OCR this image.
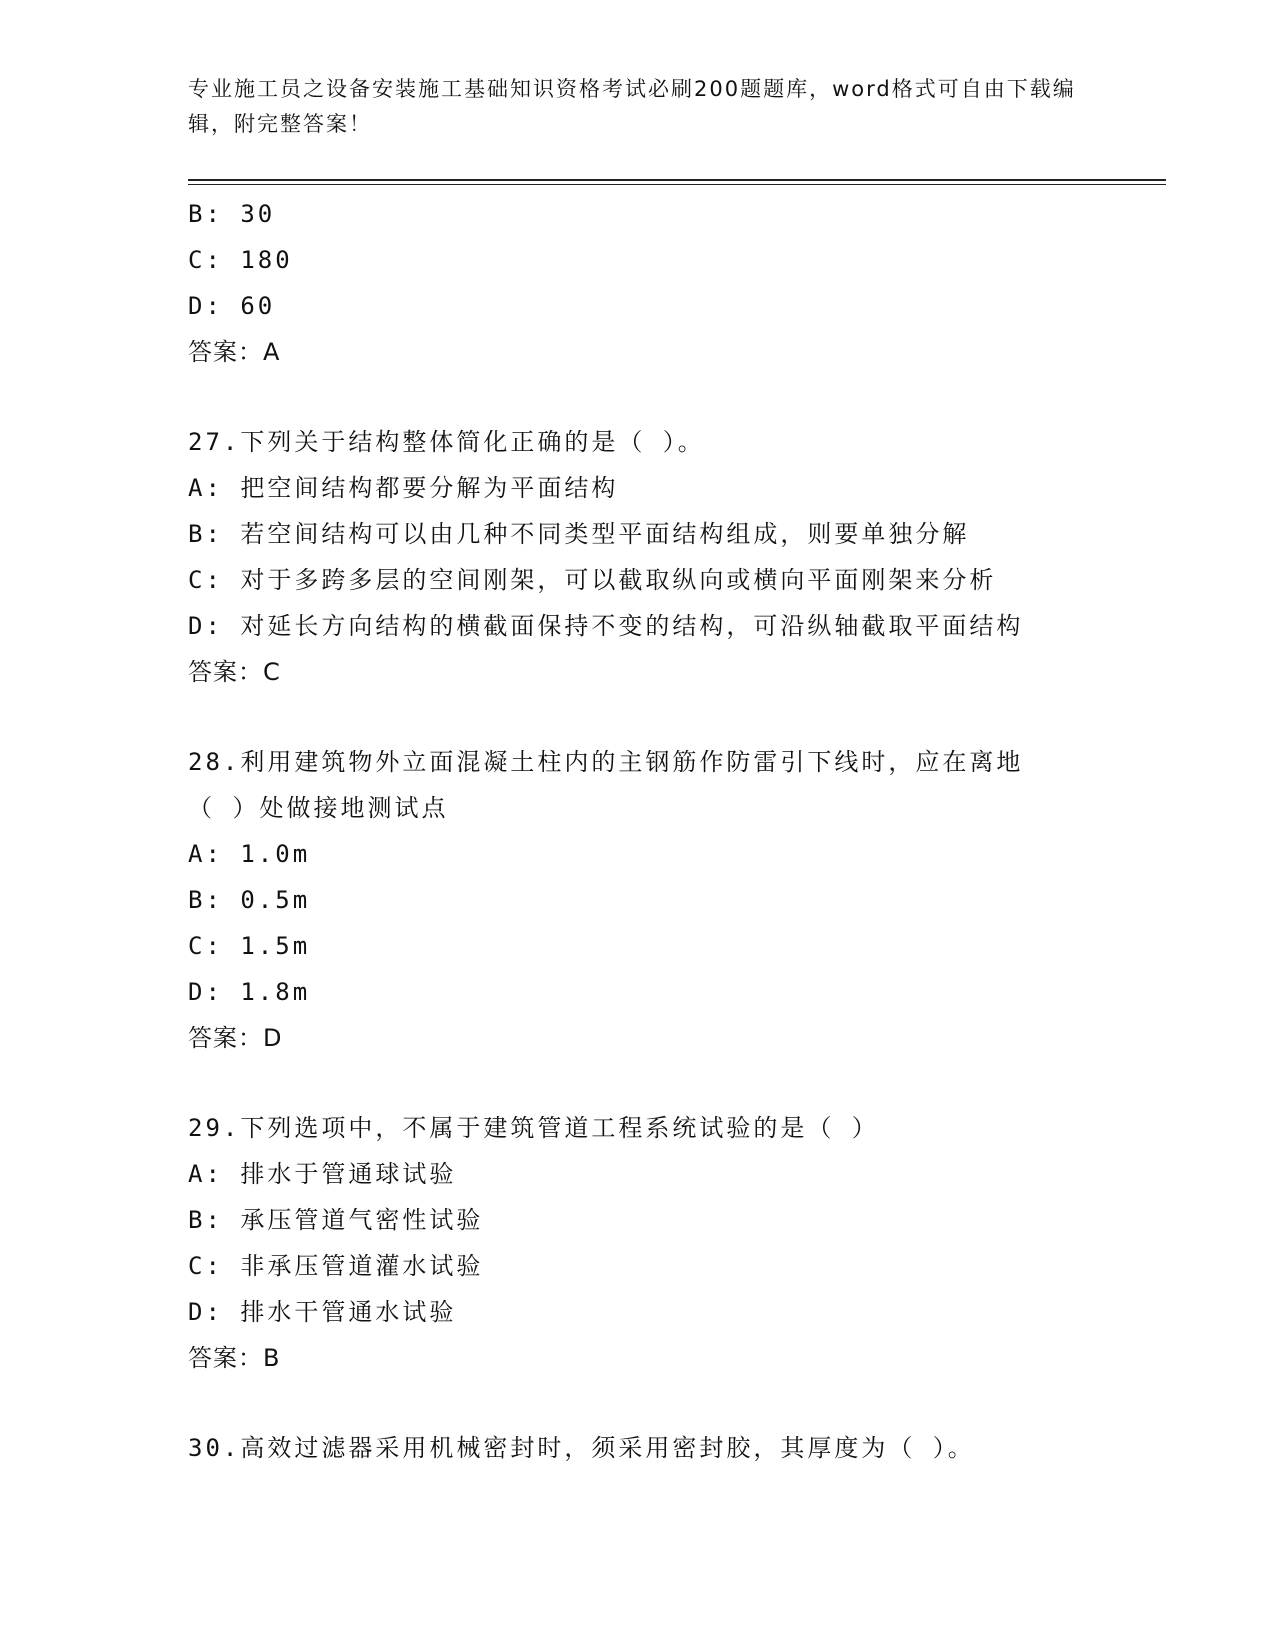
专业施工员之设备安装施工基础知识资格考试必刷200题题库，word格式可自由下载编辑，附完整答案！
B: 30
C: 180
D: 60
答案：A
27.下列关于结构整体简化正确的是（ ）。
A: 把空间结构都要分解为平面结构
B: 若空间结构可以由几种不同类型平面结构组成，则要单独分解
C: 对于多跨多层的空间刚架，可以截取纵向或横向平面刚架来分析
D: 对延长方向结构的横截面保持不变的结构，可沿纵轴截取平面结构
答案：C
28.利用建筑物外立面混凝土柱内的主钢筋作防雷引下线时，应在离地
（ ）处做接地测试点
A: 1.0m
B: 0.5m
C: 1.5m
D: 1.8m
答案：D
29.下列选项中，不属于建筑管道工程系统试验的是（ ）
A: 排水于管通球试验
B: 承压管道气密性试验
C: 非承压管道灌水试验
D: 排水干管通水试验
答案：B
30.高效过滤器采用机械密封时，须采用密封胶，其厚度为（ ）。
